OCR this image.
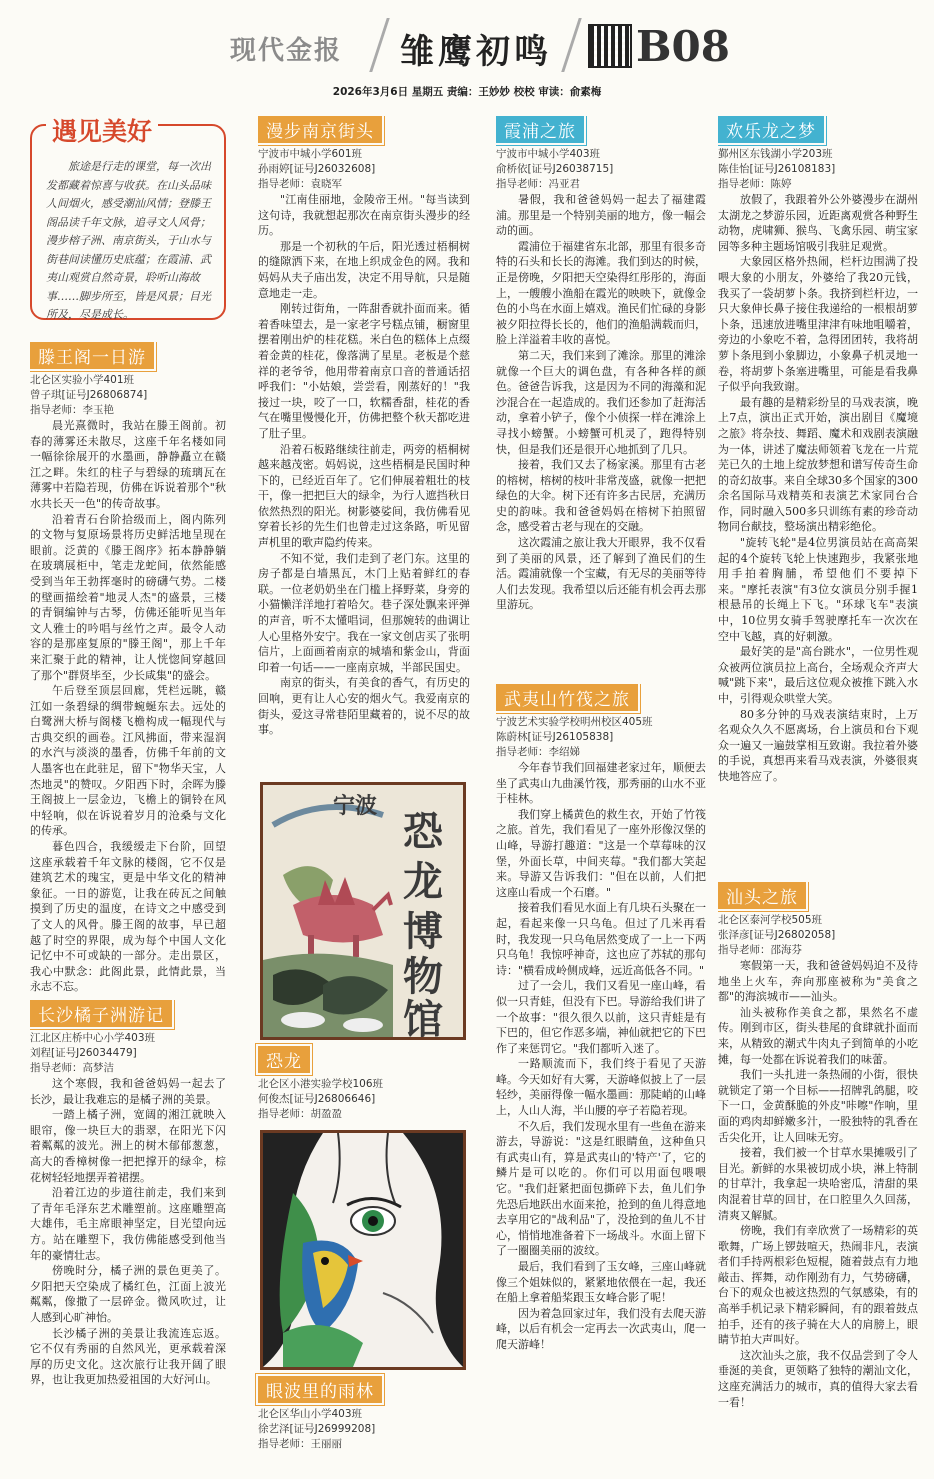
现代金报 雏鹰初鸣 B08
2026年3月6日 星期五 责编：王妙妙 校校 审读：俞素梅
遇见美好
旅途是行走的课堂，每一次出发都藏着惊喜与收获。在山头品味人间烟火，感受潮汕风情；登滕王阁品读千年文脉，追寻文人风骨；漫步榕子洲、南京街头，于山水与街巷间读懂历史底蕴；在霞浦、武夷山观赏自然奇景，聆听山海故事……脚步所至，皆是风景；目光所及，尽是成长。
滕王阁一日游
北仑区实验小学401班
曾子琪[证号J26806874]
指导老师：李玉艳

晨光熹微时，我站在滕王阁前。初春的薄雾还未散尽，这座千年名楼如同一幅徐徐展开的水墨画，静静矗立在赣江之畔。朱红的柱子与碧绿的琉璃瓦在薄雾中若隐若现，仿佛在诉说着那个"秋水共长天一色"的传奇故事。

沿着青石台阶拾级而上，阁内陈列的文物与复原场景将历史鲜活地呈现在眼前。泛黄的《滕王阁序》拓本静静躺在玻璃展柜中，笔走龙蛇间，依然能感受到当年王勃挥毫时的磅礴气势。二楼的壁画描绘着"地灵人杰"的盛景，三楼的青铜编钟与古琴，仿佛还能听见当年文人雅士的吟唱与丝竹之声。最令人动容的是那座复原的"滕王阁"，那上千年来汇聚于此的精神，让人恍惚间穿越回了那个"群贤毕至，少长咸集"的盛会。

午后登至顶层回廊，凭栏远眺，赣江如一条碧绿的绸带蜿蜒东去。远处的白鹭洲大桥与阁楼飞檐构成一幅现代与古典交织的画卷。江风拂面，带来湿润的水汽与淡淡的墨香，仿佛千年前的文人墨客也在此驻足，留下"物华天宝，人杰地灵"的赞叹。夕阳西下时，余晖为滕王阁披上一层金边，飞檐上的铜铃在风中轻响，似在诉说着岁月的沧桑与文化的传承。

暮色四合，我缓缓走下台阶，回望这座承载着千年文脉的楼阁，它不仅是建筑艺术的瑰宝，更是中华文化的精神象征。一日的游览，让我在砖瓦之间触摸到了历史的温度，在诗文之中感受到了文人的风骨。滕王阁的故事，早已超越了时空的界限，成为每个中国人文化记忆中不可或缺的一部分。走出景区，我心中默念：此阁此景，此情此景，当永志不忘。

长沙橘子洲游记
江北区庄桥中心小学403班
刘程[证号J26034479]
指导老师：高梦洁

这个寒假，我和爸爸妈妈一起去了长沙，最让我难忘的是橘子洲的美景。

一踏上橘子洲，宽阔的湘江就映入眼帘，像一块巨大的翡翠，在阳光下闪着粼粼的波光。洲上的树木郁郁葱葱，高大的香樟树像一把把撑开的绿伞，棕花树轻轻地摆弄着裙摆。

沿着江边的步道往前走，我们来到了青年毛泽东艺术雕塑前。这座雕塑高大雄伟，毛主席眼神坚定，目光望向远方。站在雕塑下，我仿佛能感受到他当年的豪情壮志。

傍晚时分，橘子洲的景色更美了。夕阳把天空染成了橘红色，江面上波光粼粼，像撒了一层碎金。微风吹过，让人感到心旷神怡。

长沙橘子洲的美景让我流连忘返。它不仅有秀丽的自然风光，更承载着深厚的历史文化。这次旅行让我开阔了眼界，也让我更加热爱祖国的大好河山。

漫步南京街头
宁波市中城小学601班
孙雨婷[证号J26032608]
指导老师：袁晓军

"江南佳丽地，金陵帝王州。"每当读到这句诗，我就想起那次在南京街头漫步的经历。

那是一个初秋的午后，阳光透过梧桐树的缝隙洒下来，在地上织成金色的网。我和妈妈从夫子庙出发，决定不用导航，只是随意地走一走。

刚转过街角，一阵甜香就扑面而来。循着香味望去，是一家老字号糕点铺，橱窗里摆着刚出炉的桂花糕。米白色的糕体上点缀着金黄的桂花，像落满了星星。老板是个慈祥的老爷爷，他用带着南京口音的普通话招呼我们："小姑娘，尝尝看，刚蒸好的！"我接过一块，咬了一口，软糯香甜，桂花的香气在嘴里慢慢化开，仿佛把整个秋天都吃进了肚子里。

沿着石板路继续往前走，两旁的梧桐树越来越茂密。妈妈说，这些梧桐是民国时种下的，已经近百年了。它们伸展着粗壮的枝干，像一把把巨大的绿伞，为行人遮挡秋日依然热烈的阳光。树影婆娑间，我仿佛看见穿着长衫的先生们也曾走过这条路，听见留声机里的歌声隐约传来。

不知不觉，我们走到了老门东。这里的房子都是白墙黑瓦，木门上贴着鲜红的春联。一位老奶奶坐在门槛上择野菜，身旁的小猫懒洋洋地打着哈欠。巷子深处飘来评弹的声音，听不太懂唱词，但那婉转的曲调让人心里格外安宁。我在一家文创店买了张明信片，上面画着南京的城墙和紫金山，背面印着一句话——一座南京城，半部民国史。

南京的街头，有美食的香气，有历史的回响，更有让人心安的烟火气。我爱南京的街头，爱这寻常巷陌里藏着的，说不尽的故事。

恐
龙
博
物
馆
宁波
恐龙
北仑区小港实验学校106班
何俊杰[证号J26806646]
指导老师：胡盈盈
眼波里的雨林
北仑区华山小学403班
徐艺泽[证号J26999208]
指导老师：王丽丽
霞浦之旅
宁波市中城小学403班
俞桥依[证号J26038715]
指导老师：冯亚君

暑假，我和爸爸妈妈一起去了福建霞浦。那里是一个特别美丽的地方，像一幅会动的画。

霞浦位于福建省东北部，那里有很多奇特的石头和长长的海滩。我们到达的时候，正是傍晚，夕阳把天空染得红彤彤的，海面上，一艘艘小渔船在霞光的映映下，就像金色的小鸟在水面上嬉戏。渔民们忙碌的身影被夕阳拉得长长的，他们的渔船满载而归，脸上洋溢着丰收的喜悦。

第二天，我们来到了滩涂。那里的滩涂就像一个巨大的调色盘，有各种各样的颜色。爸爸告诉我，这是因为不同的海藻和泥沙混合在一起造成的。我们还参加了赶海活动，拿着小铲子，像个小侦探一样在滩涂上寻找小螃蟹。小螃蟹可机灵了，跑得特别快，但是我们还是很开心地抓到了几只。

接着，我们又去了杨家溪。那里有古老的榕树，榕树的枝叶非常茂盛，就像一把把绿色的大伞。树下还有许多古民居，充满历史的韵味。我和爸爸妈妈在榕树下拍照留念，感受着古老与现在的交融。

这次霞浦之旅让我大开眼界，我不仅看到了美丽的风景，还了解到了渔民们的生活。霞浦就像一个宝藏，有无尽的美丽等待人们去发现。我希望以后还能有机会再去那里游玩。

武夷山竹筏之旅
宁波艺术实验学校明州校区405班
陈蔚林[证号J26105838]
指导老师：李绍娣

今年春节我们回福建老家过年，顺便去坐了武夷山九曲溪竹筏，那秀丽的山水不亚于桂林。

我们穿上橘黄色的救生衣，开始了竹筏之旅。首先，我们看见了一座外形像汉堡的山峰，导游打趣道："这是一个草莓味的汉堡，外面长草，中间夹莓。"我们都大笑起来。导游又告诉我们："但在以前，人们把这座山看成一个石磨。"

接着我们看见水面上有几块石头聚在一起，看起来像一只乌龟。但过了几米再看时，我发现一只乌龟居然变成了一上一下两只乌龟！我惊呼神奇，这也应了苏轼的那句诗："横看成岭侧成峰，远近高低各不同。"

过了一会儿，我们又看见一座山峰，看似一只青蛙，但没有下巴。导游给我们讲了一个故事："很久很久以前，这只青蛙是有下巴的，但它作恶多端，神仙就把它的下巴作了来惩罚它。"我们都听入迷了。

一路顺流而下，我们终于看见了天游峰。今天如好有大雾，天游峰似披上了一层轻纱，美丽得像一幅水墨画：那陡峭的山峰上，人山人海，半山腰的亭子若隐若现。

不久后，我们发现水里有一些鱼在游来游去，导游说："这是红眼睛鱼，这种鱼只有武夷山有，算是武夷山的'特产'了，它的鳞片是可以吃的。你们可以用面包喂喂它。"我们赶紧把面包撕碎下去，鱼儿们争先恐后地跃出水面来抢，抢到的鱼儿得意地去享用它的"战利品"了，没抢到的鱼儿不甘心，悄悄地准备着下一场战斗。水面上留下了一圈圈美丽的波纹。

最后，我们看到了玉女峰，三座山峰就像三个姐妹似的，紧紧地依偎在一起，我还在船上拿着船桨跟玉女峰合影了呢！

因为着急回家过年，我们没有去爬天游峰，以后有机会一定再去一次武夷山，爬一爬天游峰！

欢乐龙之梦
鄞州区东钱湖小学203班
陈佳怡[证号J26108183]
指导老师：陈婷

放假了，我跟着外公外婆漫步在湖州太湖龙之梦游乐园，近距离观赏各种野生动物，虎啸狮、猴鸟、飞禽乐园、萌宝家园等多种主题场馆吸引我驻足观赏。

大象园区格外热闹，栏杆边围满了投喂大象的小朋友，外婆给了我20元钱，我买了一袋胡萝卜条。我挤到栏杆边，一只大象伸长鼻子接住我递给的一根根胡萝卜条，迅速放进嘴里津津有味地咀嚼着，旁边的小象吃不着，急得团团转，我将胡萝卜条甩到小象脚边，小象鼻子机灵地一卷，将胡萝卜条塞进嘴里，可能是看我鼻子似乎向我致谢。

最有趣的是精彩纷呈的马戏表演，晚上7点，演出正式开始，演出剧目《魔境之旅》将杂技、舞蹈、魔术和戏剧表演融为一体，讲述了魔法师领着飞龙在一片荒芜已久的土地上绽放梦想和谱写传奇生命的奇幻故事。来自全球30多个国家的300余名国际马戏精英和表演艺术家同台合作，同时融入500多只训练有素的珍奇动物同台献技，整场演出精彩绝伦。

"旋转飞轮"是4位男演员站在高高架起的4个旋转飞轮上快速跑步，我紧张地用手拍着胸脯，希望他们不要掉下来。"摩托表演"有3位女演员分别手握1根悬吊的长绳上下飞。"环球飞车"表演中，10位男女骑手驾驶摩托车一次次在空中飞越，真的好刺激。

最好笑的是"高台跳水"，一位男性观众被两位演员拉上高台，全场观众齐声大喊"跳下来"，最后这位观众被推下跳入水中，引得观众哄堂大笑。

80多分钟的马戏表演结束时，上万名观众久久不愿离场，台上演员和台下观众一遍又一遍鼓掌相互致谢。我拉着外婆的手说，真想再来看马戏表演，外婆很爽快地答应了。

汕头之旅
北仑区泰河学校505班
张泽彦[证号J26802058]
指导老师：邵海芬

寒假第一天，我和爸爸妈妈迫不及待地坐上火车，奔向那座被称为"美食之都"的海滨城市——汕头。

汕头被称作美食之都，果然名不虚传。刚到市区，街头巷尾的食肆就扑面而来，从精致的潮式牛肉丸子到简单的小吃摊，每一处都在诉说着我们的味蕾。

我们一头扎进一条热闹的小街，很快就锁定了第一个目标——招牌乳鸽腿，咬下一口，金黄酥脆的外皮"咔嚓"作响，里面的鸡肉却鲜嫩多汁，一股独特的乳香在舌尖化开，让人回味无穷。

接着，我们被一个甘草水果摊吸引了目光。新鲜的水果被切成小块，淋上特制的甘草汁，我拿起一块哈密瓜，清甜的果肉混着甘草的回甘，在口腔里久久回荡，清爽又解腻。

傍晚，我们有幸欣赏了一场精彩的英歌舞，广场上锣鼓喧天，热闹非凡，表演者们手持两根彩色短棍，随着鼓点有力地敲击、挥舞，动作刚劲有力，气势磅礴，台下的观众也被这热烈的气氛感染，有的高举手机记录下精彩瞬间，有的跟着鼓点拍手，还有的孩子骑在大人的肩膀上，眼睛节拍大声叫好。

这次汕头之旅，我不仅品尝到了令人垂涎的美食，更领略了独特的潮汕文化，这座充满活力的城市，真的值得大家去看一看！
